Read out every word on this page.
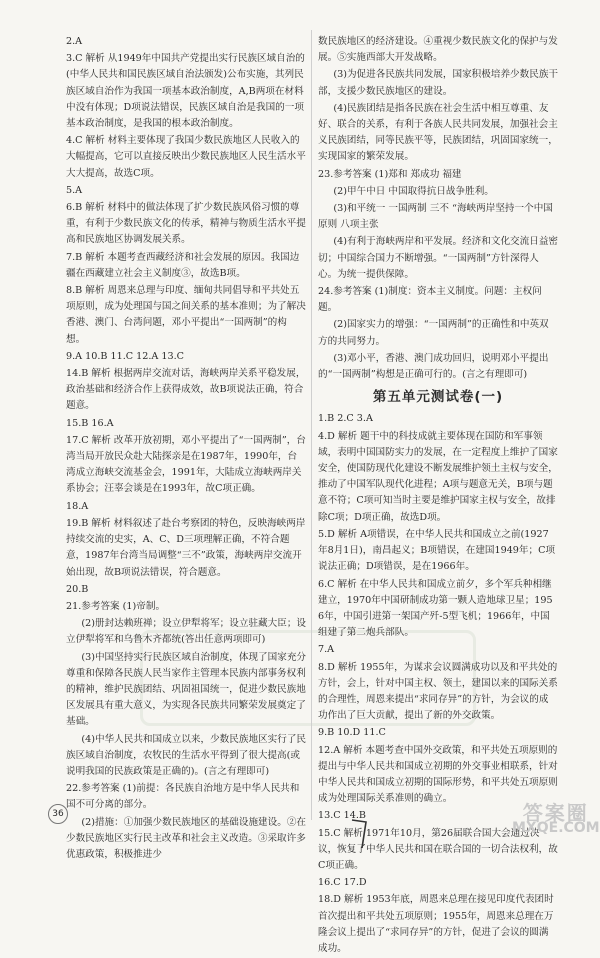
2.A

3.C 解析 从1949年中国共产党提出实行民族区域自治的(中华人民共和国民族区域自治法颁发)公布实施，其列民族区域自治作为我国一项基本政治制度，A,B两项在材料中没有体现；D项说法错误，民族区域自治是我国的一项基本政治制度，是我国的根本政治制度。

4.C 解析 材料主要体现了我国少数民族地区人民收入的大幅提高，它可以直接反映出少数民族地区人民生活水平大大提高，故选C项。

5.A

6.B 解析 材料中的做法体现了扩少数民族风俗习惯的尊重，有利于少数民族文化的传承，精神与物质生活水平提高和民族地区协调发展关系。

7.B 解析 本题考查西藏经济和社会发展的原因。我国边疆在西藏建立社会主义制度③，故选B项。

8.B 解析 周恩来总理与印度、缅甸共同倡导和平共处五项原则，成为处理国与国之间关系的基本准则；为了解决香港、澳门、台湾问题，邓小平提出“一国两制”的构想。

9.A 10.B 11.C 12.A 13.C

14.B 解析 根据两岸交流对话，海峡两岸关系平稳发展，政治基础和经济合作上获得成效，故B项说法正确，符合题意。

15.B 16.A

17.C 解析 改革开放初期，邓小平提出了“一国两制”，台湾当局开放民众赴大陆探亲是在1987年，1990年，台湾成立海峡交流基金会，1991年，大陆成立海峡两岸关系协会；汪辜会谈是在1993年，故C项正确。

18.A

19.B 解析 材料叙述了赴台考察团的特色，反映海峡两岸持续交流的史实，A、C、D三项理解正确，不符合题意，1987年台湾当局调整“三不”政策，海峡两岸交流开始出现，故B项说法错误，符合题意。

20.B

21.参考答案 (1)帝制。

(2)册封达赖班禅；设立伊犁将军；设立驻藏大臣；设立伊犁将军和乌鲁木齐都统(答出任意两项即可)

(3)中国坚持实行民族区域自治制度，体现了国家充分尊重和保障各民族人民当家作主管理本民族内部事务权利的精神，维护民族团结、巩固祖国统一，促进少数民族地区发展具有重大意义，为实现各民族共同繁荣发展奠定了基础。

(4)中华人民共和国成立以来，少数民族地区实行了民族区域自治制度，农牧民的生活水平得到了很大提高(或说明我国的民族政策是正确的)。(言之有理即可)

22.参考答案 (1)前提：各民族自治地方是中华人民共和国不可分离的部分。

(2)措施：①加强少数民族地区的基础设施建设。②在少数民族地区实行民主改革和社会主义改造。③采取许多优惠政策，积极推进少

数民族地区的经济建设。④重视少数民族文化的保护与发展。⑤实施西部大开发战略。

(3)为促进各民族共同发展，国家积极培养少数民族干部，支援少数民族地区的建设。

(4)民族团结是指各民族在社会生活中相互尊重、友好、联合的关系，有利于各族人民共同发展，加强社会主义民族团结，同等民族平等，民族团结，巩固国家统一，实现国家的繁荣发展。

23.参考答案 (1)郑和 郑成功 福建

(2)甲午中日 中国取得抗日战争胜利。

(3)和平统一 一国两制 三不 “海峡两岸坚持一个中国原则 八项主张

(4)有利于海峡两岸和平发展。经济和文化交流日益密切；中国综合国力不断增强。“一国两制”方针深得人心。为统一提供保障。

24.参考答案 (1)制度：资本主义制度。问题：主权问题。

(2)国家实力的增强：“一国两制”的正确性和中英双方的共同努力。

(3)邓小平，香港、澳门成功回归，说明邓小平提出的“一国两制”构想是正确可行的。(言之有理即可)

第五单元测试卷(一)

1.B 2.C 3.A

4.D 解析 题干中的科技成就主要体现在国防和军事领域，表明中国国防实力的发展，在一定程度上维护了国家安全，使国防现代化建设不断发展维护领土主权与安全，推动了中国军队现代化进程；A项与题意无关，B项与题意不符；C项可知当时主要是维护国家主权与安全，故排除C项；D项正确，故选D项。

5.D 解析 A项错误，在中华人民共和国成立之前(1927年8月1日)，南昌起义；B项错误，在建国1949年；C项说法正确；D项错误，是在1966年。

6.C 解析 在中华人民共和国成立前夕，多个军兵种相继建立，1970年中国研制成功第一颗人造地球卫星；1956年，中国引进第一架国产歼-5型飞机；1966年，中国组建了第二炮兵部队。

7.A

8.D 解析 1955年，为谋求会议圆满成功以及和平共处的方针，会上，针对中国主权、领土，建国以来的国际关系的合理性，周恩来提出“求同存异”的方针，为会议的成功作出了巨大贡献，提出了新的外交政策。

9.B 10.D 11.C

12.A 解析 本题考查中国外交政策，和平共处五项原则的提出与中华人民共和国成立初期的外交事业相联系，针对中华人民共和国成立初期的国际形势，和平共处五项原则成为处理国际关系准则的确立。

13.C 14.B

15.C 解析 1971年10月，第26届联合国大会通过决议，恢复了中华人民共和国在联合国的一切合法权利，故C项正确。

16.C 17.D

18.D 解析 1953年底，周恩来总理在接见印度代表团时首次提出和平共处五项原则；1955年，周恩来总理在万隆会议上提出了“求同存异”的方针，促进了会议的圆满成功。

36	答案圈
MXQE.COM
